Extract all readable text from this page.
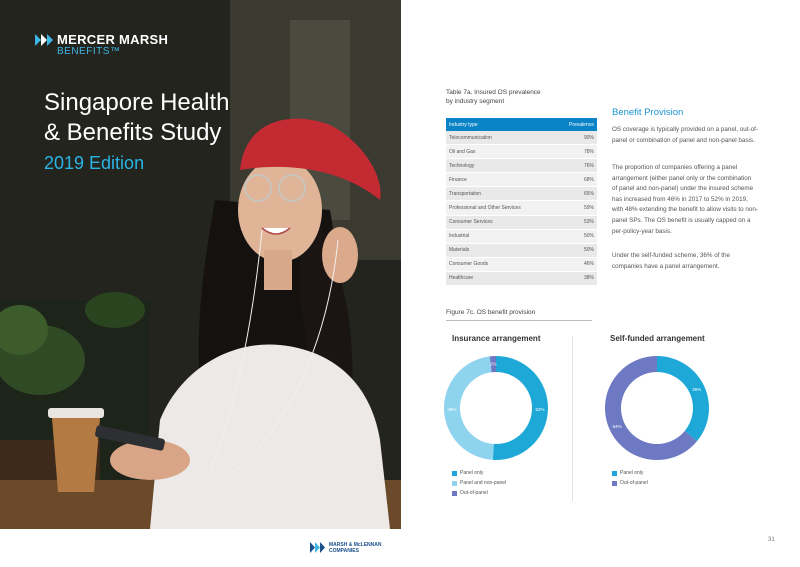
MERCER MARSH
BENEFITS™
Singapore Health
& Benefits Study
2019 Edition
Table 7a. Insured OS prevalence
by industry segment
Industry type	Prevalence
Telecommunication	90%
Oil and Gas	78%
Technology	76%
Finance	68%
Transportation	65%
Professional and Other Services	59%
Consumer Services	53%
Industrial	50%
Materials	50%
Consumer Goods	46%
Healthcare	38%
Benefit Provision
OS coverage is typically provided on a panel, out-of-panel or combination of panel and non-panel basis.
The proportion of companies offering a panel arrangement (either panel only or the combination of panel and non-panel) under the insured scheme has increased from 46% in 2017 to 52% in 2019, with 48% extending the benefit to allow visits to non-panel SPs. The OS benefit is usually capped on a per-policy-year basis.
Under the self-funded scheme, 36% of the companies have a panel arrangement.
Figure 7c. OS benefit provision
Insurance arrangement
52%
48%
2%
Panel only
Panel and non-panel
Out-of-panel
Self-funded arrangement
36%
64%
Panel only
Out-of-panel
MARSH & McLENNAN
COMPANIES
31
